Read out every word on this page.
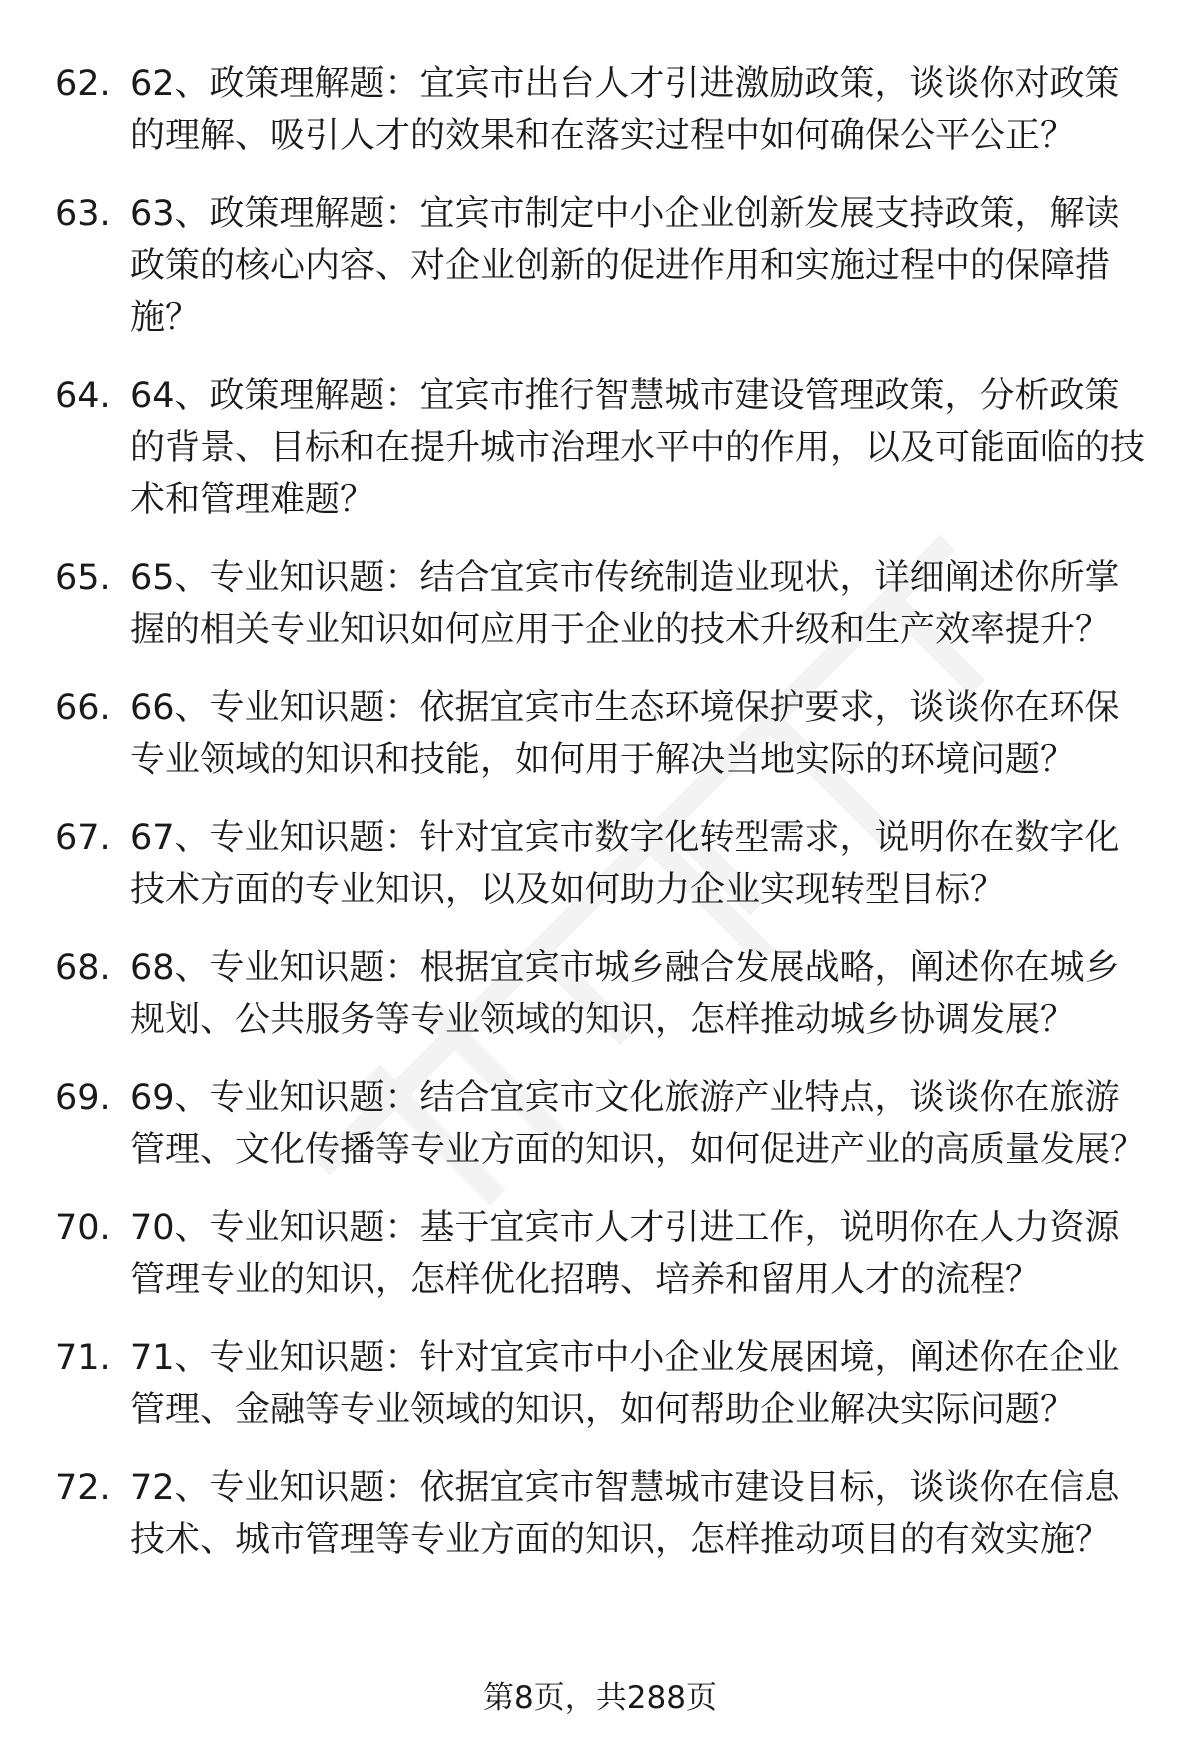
62. 62、政策理解题：宜宾市出台人才引进激励政策，谈谈你对政策的理解、吸引人才的效果和在落实过程中如何确保公平公正？
63. 63、政策理解题：宜宾市制定中小企业创新发展支持政策，解读政策的核心内容、对企业创新的促进作用和实施过程中的保障措施？
64. 64、政策理解题：宜宾市推行智慧城市建设管理政策，分析政策的背景、目标和在提升城市治理水平中的作用，以及可能面临的技术和管理难题？
65. 65、专业知识题：结合宜宾市传统制造业现状，详细阐述你所掌握的相关专业知识如何应用于企业的技术升级和生产效率提升？
66. 66、专业知识题：依据宜宾市生态环境保护要求，谈谈你在环保专业领域的知识和技能，如何用于解决当地实际的环境问题？
67. 67、专业知识题：针对宜宾市数字化转型需求，说明你在数字化技术方面的专业知识，以及如何助力企业实现转型目标？
68. 68、专业知识题：根据宜宾市城乡融合发展战略，阐述你在城乡规划、公共服务等专业领域的知识，怎样推动城乡协调发展？
69. 69、专业知识题：结合宜宾市文化旅游产业特点，谈谈你在旅游管理、文化传播等专业方面的知识，如何促进产业的高质量发展？
70. 70、专业知识题：基于宜宾市人才引进工作，说明你在人力资源管理专业的知识，怎样优化招聘、培养和留用人才的流程？
71. 71、专业知识题：针对宜宾市中小企业发展困境，阐述你在企业管理、金融等专业领域的知识，如何帮助企业解决实际问题？
72. 72、专业知识题：依据宜宾市智慧城市建设目标，谈谈你在信息技术、城市管理等专业方面的知识，怎样推动项目的有效实施？
第8页，共288页
